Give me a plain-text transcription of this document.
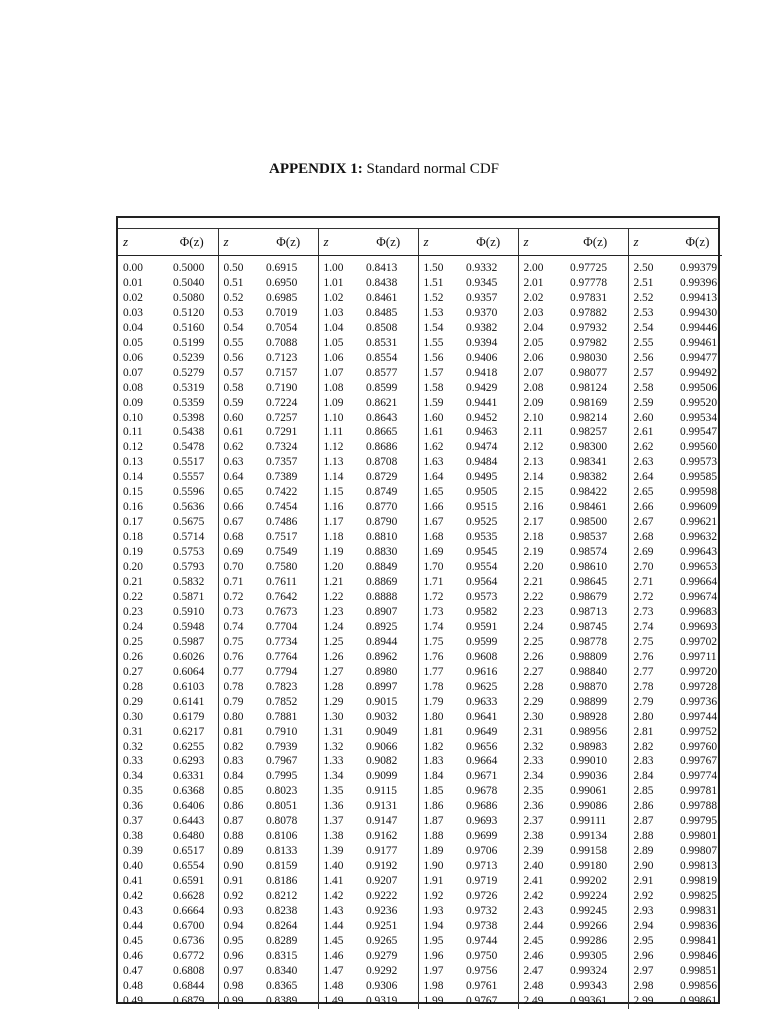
APPENDIX 1: Standard normal CDF
z	Φ(z)	z	Φ(z)	z	Φ(z)	z	Φ(z)	z	Φ(z)	z	Φ(z)
0.00	0.5000	0.50	0.6915	1.00	0.8413	1.50	0.9332	2.00	0.97725	2.50	0.99379
0.01	0.5040	0.51	0.6950	1.01	0.8438	1.51	0.9345	2.01	0.97778	2.51	0.99396
0.02	0.5080	0.52	0.6985	1.02	0.8461	1.52	0.9357	2.02	0.97831	2.52	0.99413
0.03	0.5120	0.53	0.7019	1.03	0.8485	1.53	0.9370	2.03	0.97882	2.53	0.99430
0.04	0.5160	0.54	0.7054	1.04	0.8508	1.54	0.9382	2.04	0.97932	2.54	0.99446
0.05	0.5199	0.55	0.7088	1.05	0.8531	1.55	0.9394	2.05	0.97982	2.55	0.99461
0.06	0.5239	0.56	0.7123	1.06	0.8554	1.56	0.9406	2.06	0.98030	2.56	0.99477
0.07	0.5279	0.57	0.7157	1.07	0.8577	1.57	0.9418	2.07	0.98077	2.57	0.99492
0.08	0.5319	0.58	0.7190	1.08	0.8599	1.58	0.9429	2.08	0.98124	2.58	0.99506
0.09	0.5359	0.59	0.7224	1.09	0.8621	1.59	0.9441	2.09	0.98169	2.59	0.99520
0.10	0.5398	0.60	0.7257	1.10	0.8643	1.60	0.9452	2.10	0.98214	2.60	0.99534
0.11	0.5438	0.61	0.7291	1.11	0.8665	1.61	0.9463	2.11	0.98257	2.61	0.99547
0.12	0.5478	0.62	0.7324	1.12	0.8686	1.62	0.9474	2.12	0.98300	2.62	0.99560
0.13	0.5517	0.63	0.7357	1.13	0.8708	1.63	0.9484	2.13	0.98341	2.63	0.99573
0.14	0.5557	0.64	0.7389	1.14	0.8729	1.64	0.9495	2.14	0.98382	2.64	0.99585
0.15	0.5596	0.65	0.7422	1.15	0.8749	1.65	0.9505	2.15	0.98422	2.65	0.99598
0.16	0.5636	0.66	0.7454	1.16	0.8770	1.66	0.9515	2.16	0.98461	2.66	0.99609
0.17	0.5675	0.67	0.7486	1.17	0.8790	1.67	0.9525	2.17	0.98500	2.67	0.99621
0.18	0.5714	0.68	0.7517	1.18	0.8810	1.68	0.9535	2.18	0.98537	2.68	0.99632
0.19	0.5753	0.69	0.7549	1.19	0.8830	1.69	0.9545	2.19	0.98574	2.69	0.99643
0.20	0.5793	0.70	0.7580	1.20	0.8849	1.70	0.9554	2.20	0.98610	2.70	0.99653
0.21	0.5832	0.71	0.7611	1.21	0.8869	1.71	0.9564	2.21	0.98645	2.71	0.99664
0.22	0.5871	0.72	0.7642	1.22	0.8888	1.72	0.9573	2.22	0.98679	2.72	0.99674
0.23	0.5910	0.73	0.7673	1.23	0.8907	1.73	0.9582	2.23	0.98713	2.73	0.99683
0.24	0.5948	0.74	0.7704	1.24	0.8925	1.74	0.9591	2.24	0.98745	2.74	0.99693
0.25	0.5987	0.75	0.7734	1.25	0.8944	1.75	0.9599	2.25	0.98778	2.75	0.99702
0.26	0.6026	0.76	0.7764	1.26	0.8962	1.76	0.9608	2.26	0.98809	2.76	0.99711
0.27	0.6064	0.77	0.7794	1.27	0.8980	1.77	0.9616	2.27	0.98840	2.77	0.99720
0.28	0.6103	0.78	0.7823	1.28	0.8997	1.78	0.9625	2.28	0.98870	2.78	0.99728
0.29	0.6141	0.79	0.7852	1.29	0.9015	1.79	0.9633	2.29	0.98899	2.79	0.99736
0.30	0.6179	0.80	0.7881	1.30	0.9032	1.80	0.9641	2.30	0.98928	2.80	0.99744
0.31	0.6217	0.81	0.7910	1.31	0.9049	1.81	0.9649	2.31	0.98956	2.81	0.99752
0.32	0.6255	0.82	0.7939	1.32	0.9066	1.82	0.9656	2.32	0.98983	2.82	0.99760
0.33	0.6293	0.83	0.7967	1.33	0.9082	1.83	0.9664	2.33	0.99010	2.83	0.99767
0.34	0.6331	0.84	0.7995	1.34	0.9099	1.84	0.9671	2.34	0.99036	2.84	0.99774
0.35	0.6368	0.85	0.8023	1.35	0.9115	1.85	0.9678	2.35	0.99061	2.85	0.99781
0.36	0.6406	0.86	0.8051	1.36	0.9131	1.86	0.9686	2.36	0.99086	2.86	0.99788
0.37	0.6443	0.87	0.8078	1.37	0.9147	1.87	0.9693	2.37	0.99111	2.87	0.99795
0.38	0.6480	0.88	0.8106	1.38	0.9162	1.88	0.9699	2.38	0.99134	2.88	0.99801
0.39	0.6517	0.89	0.8133	1.39	0.9177	1.89	0.9706	2.39	0.99158	2.89	0.99807
0.40	0.6554	0.90	0.8159	1.40	0.9192	1.90	0.9713	2.40	0.99180	2.90	0.99813
0.41	0.6591	0.91	0.8186	1.41	0.9207	1.91	0.9719	2.41	0.99202	2.91	0.99819
0.42	0.6628	0.92	0.8212	1.42	0.9222	1.92	0.9726	2.42	0.99224	2.92	0.99825
0.43	0.6664	0.93	0.8238	1.43	0.9236	1.93	0.9732	2.43	0.99245	2.93	0.99831
0.44	0.6700	0.94	0.8264	1.44	0.9251	1.94	0.9738	2.44	0.99266	2.94	0.99836
0.45	0.6736	0.95	0.8289	1.45	0.9265	1.95	0.9744	2.45	0.99286	2.95	0.99841
0.46	0.6772	0.96	0.8315	1.46	0.9279	1.96	0.9750	2.46	0.99305	2.96	0.99846
0.47	0.6808	0.97	0.8340	1.47	0.9292	1.97	0.9756	2.47	0.99324	2.97	0.99851
0.48	0.6844	0.98	0.8365	1.48	0.9306	1.98	0.9761	2.48	0.99343	2.98	0.99856
0.49	0.6879	0.99	0.8389	1.49	0.9319	1.99	0.9767	2.49	0.99361	2.99	0.99861
